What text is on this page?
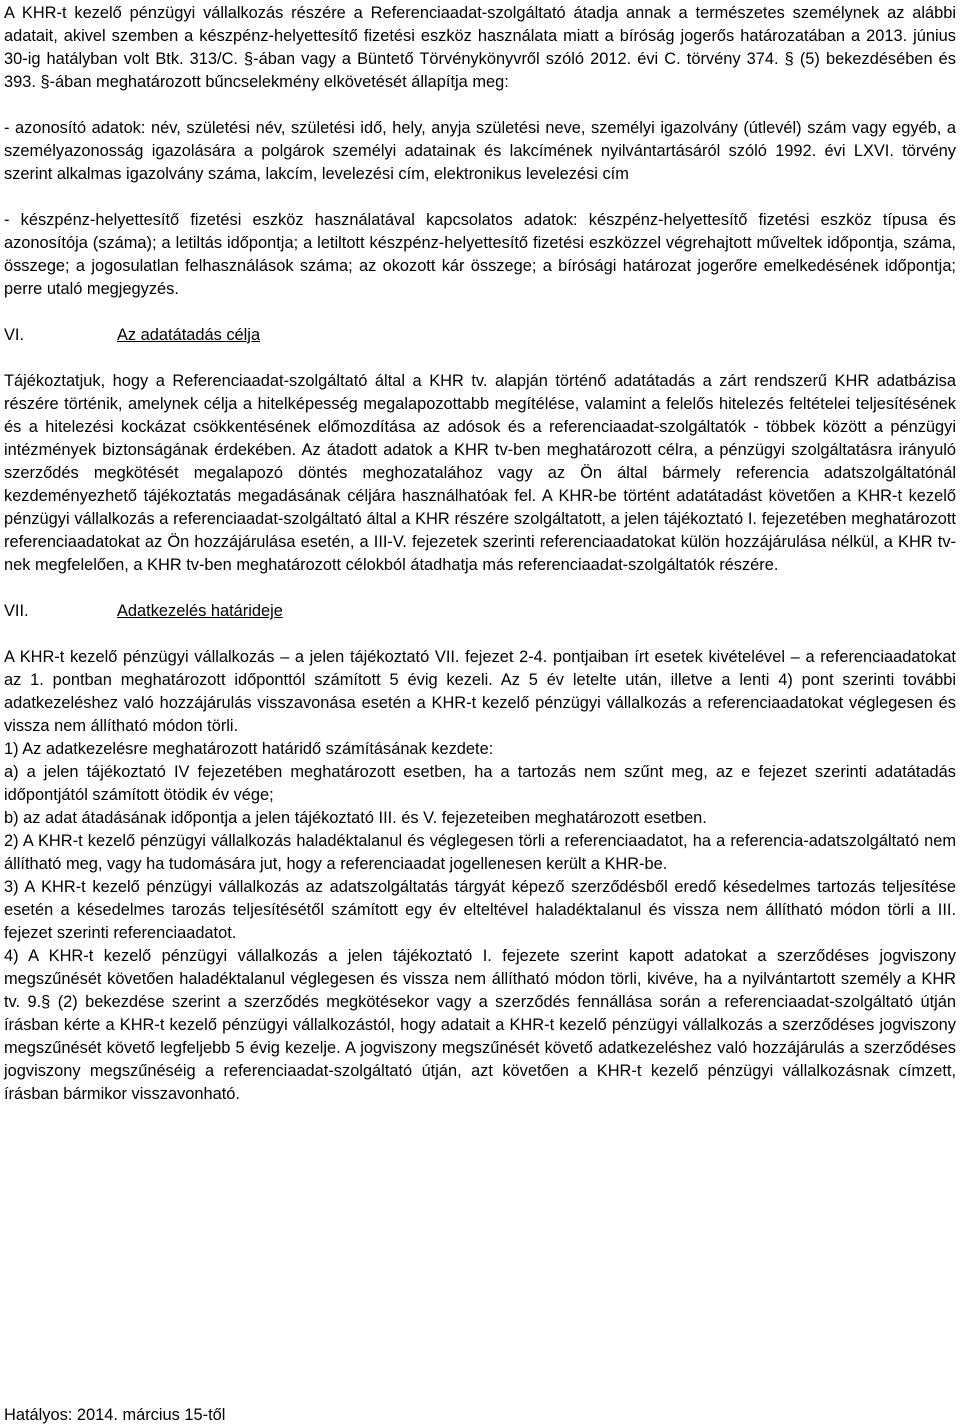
A KHR-t kezelő pénzügyi vállalkozás részére a Referenciaadat-szolgáltató átadja annak a természetes személynek az alábbi adatait, akivel szemben a készpénz-helyettesítő fizetési eszköz használata miatt a bíróság jogerős határozatában a 2013. június 30-ig hatályban volt Btk. 313/C. §-ában vagy a Büntető Törvénykönyvről szóló 2012. évi C. törvény 374. § (5) bekezdésében és 393. §-ában meghatározott bűncselekmény elkövetését állapítja meg:

- azonosító adatok: név, születési név, születési idő, hely, anyja születési neve, személyi igazolvány (útlevél) szám vagy egyéb, a személyazonosság igazolására a polgárok személyi adatainak és lakcímének nyilvántartásáról szóló 1992. évi LXVI. törvény szerint alkalmas igazolvány száma, lakcím, levelezési cím, elektronikus levelezési cím

- készpénz-helyettesítő fizetési eszköz használatával kapcsolatos adatok: készpénz-helyettesítő fizetési eszköz típusa és azonosítója (száma); a letiltás időpontja; a letiltott készpénz-helyettesítő fizetési eszközzel végrehajtott műveltek időpontja, száma, összege; a jogosulatlan felhasználások száma; az okozott kár összege; a bírósági határozat jogerőre emelkedésének időpontja; perre utaló megjegyzés.

VI.	Az adatátadás célja

Tájékoztatjuk, hogy a Referenciaadat-szolgáltató által a KHR tv. alapján történő adatátadás a zárt rendszerű KHR adatbázisa részére történik, amelynek célja a hitelképesség megalapozottabb megítélése, valamint a felelős hitelezés feltételei teljesítésének és a hitelezési kockázat csökkentésének előmozdítása az adósok és a referenciaadat-szolgáltatók - többek között a pénzügyi intézmények biztonságának érdekében. Az átadott adatok a KHR tv-ben meghatározott célra, a pénzügyi szolgáltatásra irányuló szerződés megkötését megalapozó döntés meghozatalához vagy az Ön által bármely referencia adatszolgáltatónál kezdeményezhető tájékoztatás megadásának céljára használhatóak fel. A KHR-be történt adatátadást követően a KHR-t kezelő pénzügyi vállalkozás a referenciaadat-szolgáltató által a KHR részére szolgáltatott, a jelen tájékoztató I. fejezetében meghatározott referenciaadatokat az Ön hozzájárulása esetén, a III-V. fejezetek szerinti referenciaadatokat külön hozzájárulása nélkül, a KHR tv-nek megfelelően, a KHR tv-ben meghatározott célokból átadhatja más referenciaadat-szolgáltatók részére.

VII.	Adatkezelés határideje

A KHR-t kezelő pénzügyi vállalkozás – a jelen tájékoztató VII. fejezet 2-4. pontjaiban írt esetek kivételével – a referenciaadatokat az 1. pontban meghatározott időponttól számított 5 évig kezeli. Az 5 év letelte után, illetve a lenti 4) pont szerinti további adatkezeléshez való hozzájárulás visszavonása esetén a KHR-t kezelő pénzügyi vállalkozás a referenciaadatokat véglegesen és vissza nem állítható módon törli.

1) Az adatkezelésre meghatározott határidő számításának kezdete:

a) a jelen tájékoztató IV fejezetében meghatározott esetben, ha a tartozás nem szűnt meg, az e fejezet szerinti adatátadás időpontjától számított ötödik év vége;

b) az adat átadásának időpontja a jelen tájékoztató III. és V. fejezeteiben meghatározott esetben.

2) A KHR-t kezelő pénzügyi vállalkozás haladéktalanul és véglegesen törli a referenciaadatot, ha a referencia-adatszolgáltató nem állítható meg, vagy ha tudomására jut, hogy a referenciaadat jogellenesen került a KHR-be.

3) A KHR-t kezelő pénzügyi vállalkozás az adatszolgáltatás tárgyát képező szerződésből eredő késedelmes tartozás teljesítése esetén a késedelmes tarozás teljesítésétől számított egy év elteltével haladéktalanul és vissza nem állítható módon törli a III. fejezet szerinti referenciaadatot.

4) A KHR-t kezelő pénzügyi vállalkozás a jelen tájékoztató I. fejezete szerint kapott adatokat a szerződéses jogviszony megszűnését követően haladéktalanul véglegesen és vissza nem állítható módon törli, kivéve, ha a nyilvántartott személy a KHR tv. 9.§ (2) bekezdése szerint a szerződés megkötésekor vagy a szerződés fennállása során a referenciaadat-szolgáltató útján írásban kérte a KHR-t kezelő pénzügyi vállalkozástól, hogy adatait a KHR-t kezelő pénzügyi vállalkozás a szerződéses jogviszony megszűnését követő legfeljebb 5 évig kezelje. A jogviszony megszűnését követő adatkezeléshez való hozzájárulás a szerződéses jogviszony megszűnéséig a referenciaadat-szolgáltató útján, azt követően a KHR-t kezelő pénzügyi vállalkozásnak címzett, írásban bármikor visszavonható.

Hatályos: 2014. március 15-től
